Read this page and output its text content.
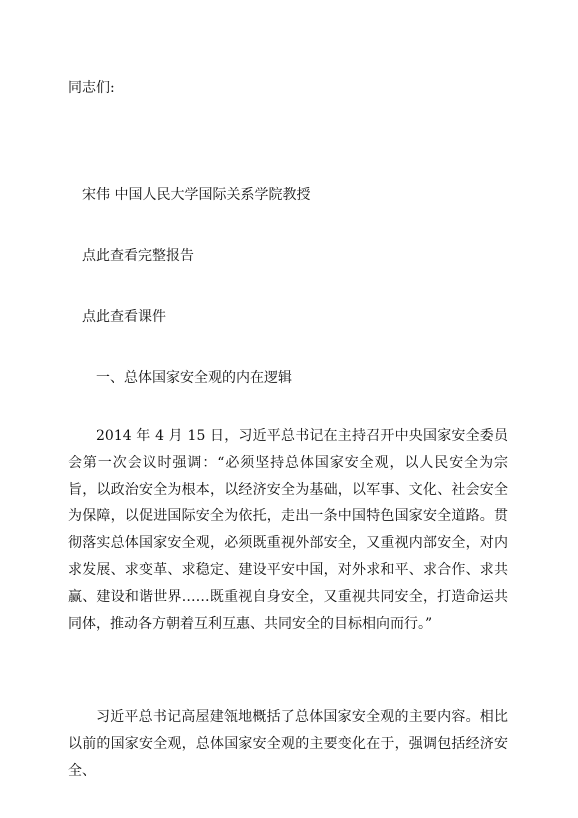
同志们:
宋伟 中国人民大学国际关系学院教授
点此查看完整报告
点此查看课件
一、总体国家安全观的内在逻辑
2014 年 4 月 15 日，习近平总书记在主持召开中央国家安全委员会第一次会议时强调：“必须坚持总体国家安全观，以人民安全为宗旨，以政治安全为根本，以经济安全为基础，以军事、文化、社会安全为保障，以促进国际安全为依托，走出一条中国特色国家安全道路。贯彻落实总体国家安全观，必须既重视外部安全，又重视内部安全，对内求发展、求变革、求稳定、建设平安中国，对外求和平、求合作、求共赢、建设和谐世界……既重视自身安全，又重视共同安全，打造命运共同体，推动各方朝着互利互惠、共同安全的目标相向而行。”
习近平总书记高屋建瓴地概括了总体国家安全观的主要内容。相比以前的国家安全观，总体国家安全观的主要变化在于，强调包括经济安全、
